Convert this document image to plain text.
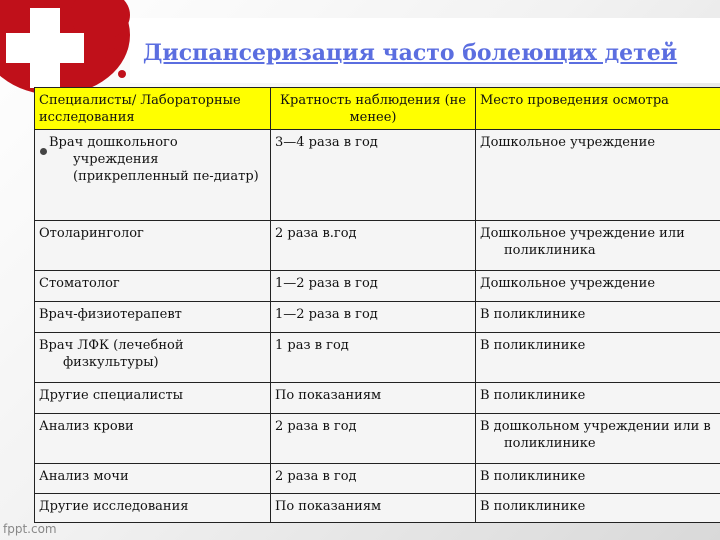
Диспансеризация часто болеющих детей
Специалисты/ Лабораторные исследования	Кратность наблюдения (не менее)	Место проведения осмотра

Врач дошкольного учреждения (прикрепленный пе-диатр)	3—4 раза в год	Дошкольное учреждение
Отоларинголог	2 раза в.год	Дошкольное учреждение или поликлиника

Стоматолог	1—2 раза в год	Дошкольное учреждение
Врач-физиотерапевт	1—2 раза в год	В поликлинике

Врач ЛФК (лечебной физкультуры)	1 раз в год	В поликлинике
Другие специалисты	По показаниям	В поликлинике
Анализ крови	2 раза в год	В дошкольном учреждении или в поликлинике

Анализ мочи	2 раза в год	В поликлинике
Другие исследования	По показаниям	В поликлинике
fppt.com
